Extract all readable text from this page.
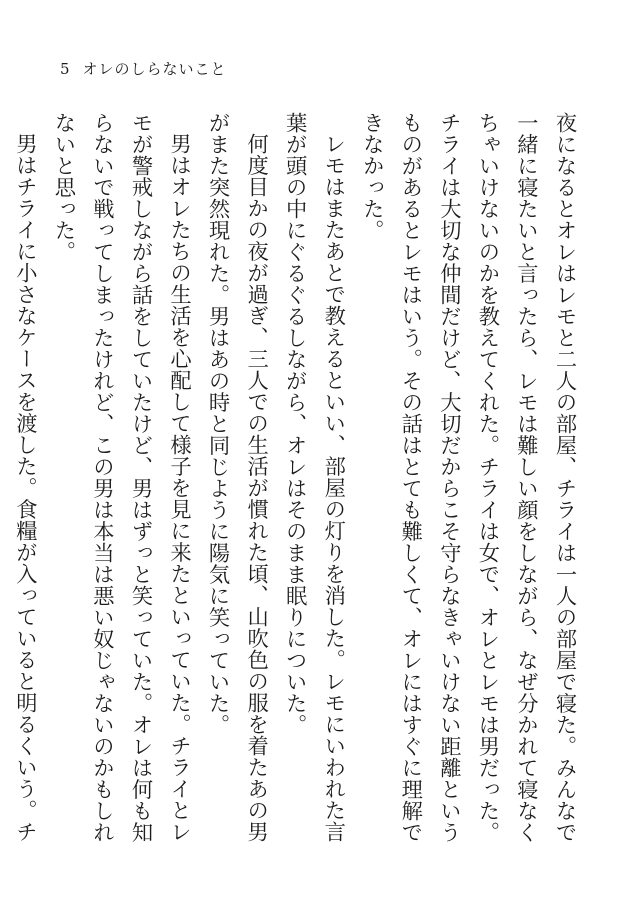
5 オレのしらないこと

夜になるとオレはレモと二人の部屋、チライは一人の部屋で寝た。みんなで一緒に寝たいと言ったら、レモは難しい顔をしながら、なぜ分かれて寝なくちゃいけないのかを教えてくれた。チライは女で、オレとレモは男だった。チライは大切な仲間だけど、大切だからこそ守らなきゃいけない距離というものがあるとレモはいう。その話はとても難しくて、オレにはすぐに理解できなかった。

レモはまたあとで教えるといい、部屋の灯りを消した。レモにいわれた言葉が頭の中にぐるぐるしながら、オレはそのまま眠りについた。

何度目かの夜が過ぎ、三人での生活が慣れた頃、山吹色の服を着たあの男がまた突然現れた。男はあの時と同じように陽気に笑っていた。

男はオレたちの生活を心配して様子を見に来たといっていた。チライとレモが警戒しながら話をしていたけど、男はずっと笑っていた。オレは何も知らないで戦ってしまったけれど、この男は本当は悪い奴じゃないのかもしれないと思った。

男はチライに小さなケースを渡した。食糧が入っていると明るくいう。チ
